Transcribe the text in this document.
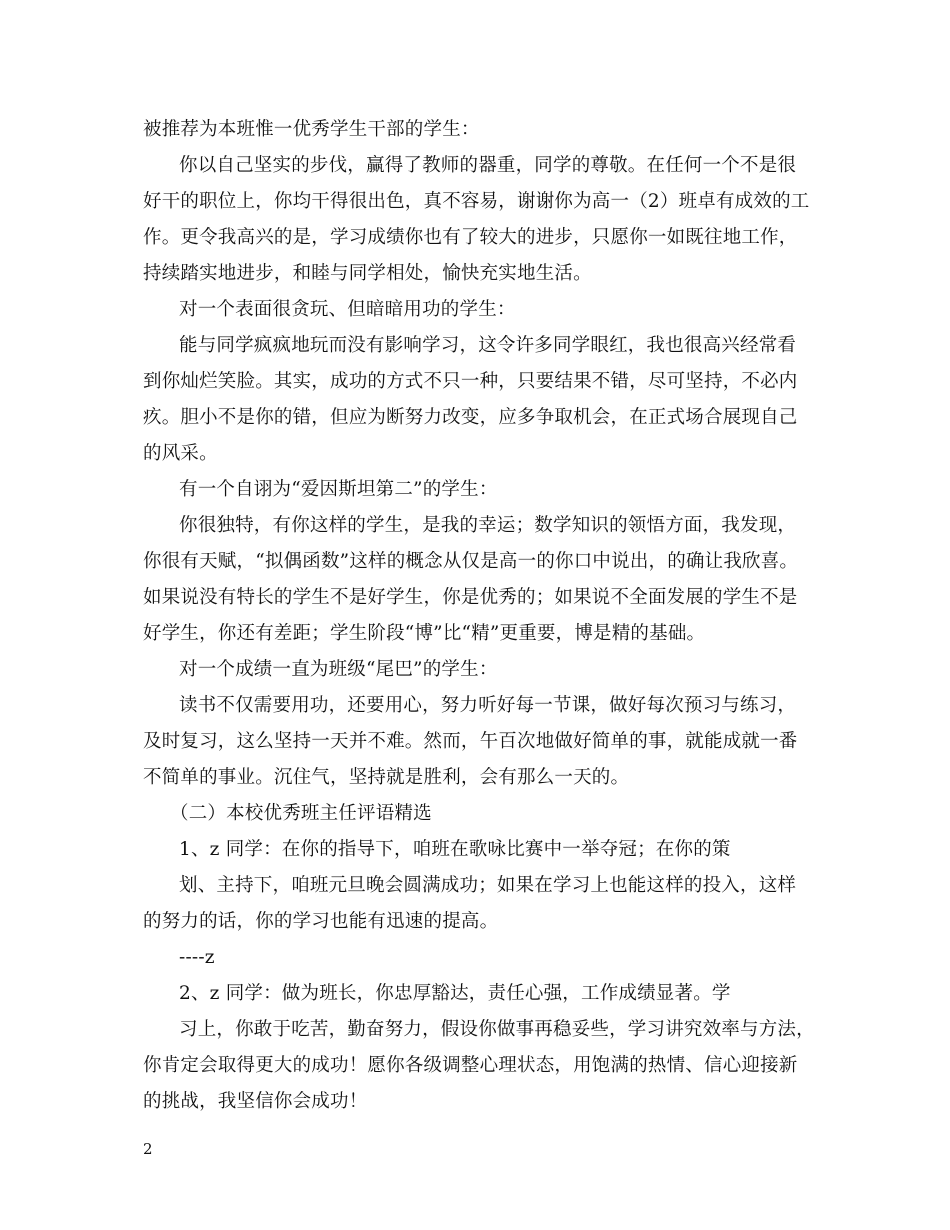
被推荐为本班惟一优秀学生干部的学生：
你以自己坚实的步伐，赢得了教师的器重，同学的尊敬。在任何一个不是很
好干的职位上，你均干得很出色，真不容易，谢谢你为高一（2）班卓有成效的工
作。更令我高兴的是，学习成绩你也有了较大的进步，只愿你一如既往地工作，
持续踏实地进步，和睦与同学相处，愉快充实地生活。
对一个表面很贪玩、但暗暗用功的学生：
能与同学疯疯地玩而没有影响学习，这令许多同学眼红，我也很高兴经常看
到你灿烂笑脸。其实，成功的方式不只一种，只要结果不错，尽可坚持，不必内
疚。胆小不是你的错，但应为断努力改变，应多争取机会，在正式场合展现自己
的风采。
有一个自诩为“爱因斯坦第二”的学生：
你很独特，有你这样的学生，是我的幸运；数学知识的领悟方面，我发现，
你很有天赋，“拟偶函数”这样的概念从仅是高一的你口中说出，的确让我欣喜。
如果说没有特长的学生不是好学生，你是优秀的；如果说不全面发展的学生不是
好学生，你还有差距；学生阶段“博”比“精”更重要，博是精的基础。
对一个成绩一直为班级“尾巴”的学生：
读书不仅需要用功，还要用心，努力听好每一节课，做好每次预习与练习，
及时复习，这么坚持一天并不难。然而，午百次地做好简单的事，就能成就一番
不简单的事业。沉住气，坚持就是胜利，会有那么一天的。
（二）本校优秀班主任评语精选
1、z 同学：在你的指导下，咱班在歌咏比赛中一举夺冠；在你的策
划、主持下，咱班元旦晚会圆满成功；如果在学习上也能这样的投入，这样
的努力的话，你的学习也能有迅速的提高。
----z
2、z 同学：做为班长，你忠厚豁达，责任心强，工作成绩显著。学
习上，你敢于吃苦，勤奋努力，假设你做事再稳妥些，学习讲究效率与方法，
你肯定会取得更大的成功！愿你各级调整心理状态，用饱满的热情、信心迎接新
的挑战，我坚信你会成功！
2
